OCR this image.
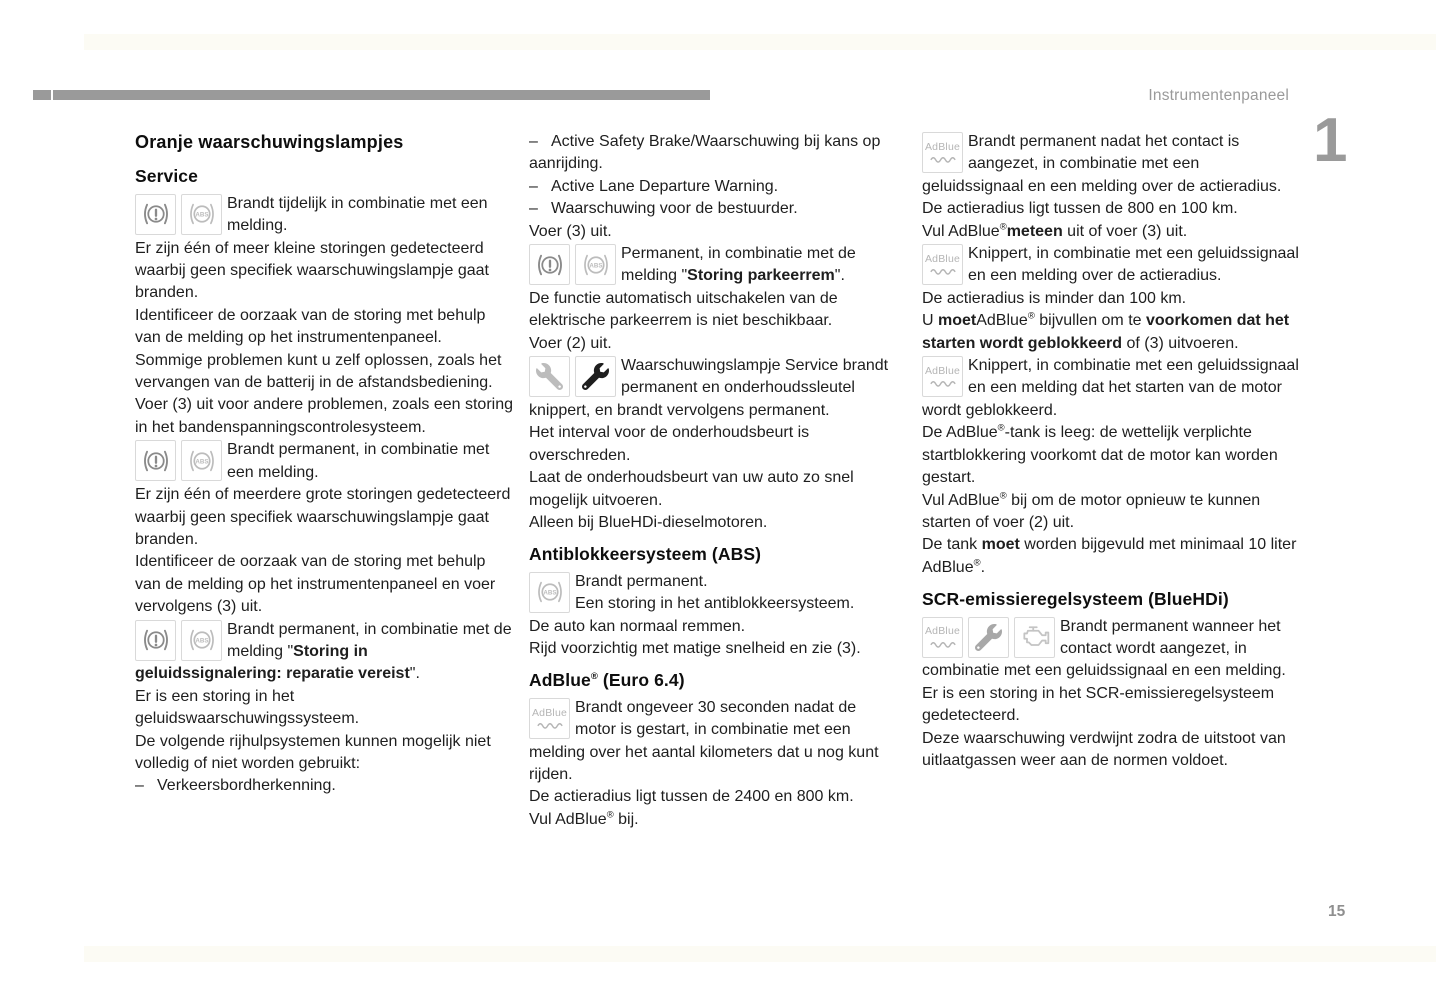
Instrumentenpaneel
1
Oranje waarschuwingslampjes
Service
ABS
Brandt tijdelijk in combinatie met een melding.
Er zijn één of meer kleine storingen gedetecteerd waarbij geen specifiek waarschuwingslampje gaat branden.
Identificeer de oorzaak van de storing met behulp van de melding op het instrumentenpaneel.
Sommige problemen kunt u zelf oplossen, zoals het vervangen van de batterij in de afstandsbediening.
Voer (3) uit voor andere problemen, zoals een storing in het bandenspanningscontrolesysteem.
ABS
Brandt permanent, in combinatie met een melding.
Er zijn één of meerdere grote storingen gedetecteerd waarbij geen specifiek waarschuwingslampje gaat branden.
Identificeer de oorzaak van de storing met behulp van de melding op het instrumentenpaneel en voer vervolgens (3) uit.
ABS
Brandt permanent, in combinatie met de melding "Storing in geluidssignalering: reparatie vereist".
Er is een storing in het geluidswaarschuwingssysteem.
De volgende rijhulpsystemen kunnen mogelijk niet volledig of niet worden gebruikt:
– Verkeersbordherkenning.
– Active Safety Brake/Waarschuwing bij kans op aanrijding.
– Active Lane Departure Warning.
– Waarschuwing voor de bestuurder.
Voer (3) uit.
ABS
Permanent, in combinatie met de melding "Storing parkeerrem".
De functie automatisch uitschakelen van de elektrische parkeerrem is niet beschikbaar.
Voer (2) uit.
Waarschuwingslampje Service brandt permanent en onderhoudssleutel knippert, en brandt vervolgens permanent.
Het interval voor de onderhoudsbeurt is overschreden.
Laat de onderhoudsbeurt van uw auto zo snel mogelijk uitvoeren.
Alleen bij BlueHDi-dieselmotoren.
Antiblokkeersysteem (ABS)
ABS
Brandt permanent.
Een storing in het antiblokkeersysteem.
De auto kan normaal remmen.
Rijd voorzichtig met matige snelheid en zie (3).
AdBlue® (Euro 6.4)
AdBlue Brandt ongeveer 30 seconden nadat de motor is gestart, in combinatie met een melding over het aantal kilometers dat u nog kunt rijden.
De actieradius ligt tussen de 2400 en 800 km.
Vul AdBlue® bij.
AdBlue Brandt permanent nadat het contact is aangezet, in combinatie met een geluidssignaal en een melding over de actieradius.
De actieradius ligt tussen de 800 en 100 km.
Vul AdBlue®meteen uit of voer (3) uit.
AdBlue Knippert, in combinatie met een geluidssignaal en een melding over de actieradius.
De actieradius is minder dan 100 km.
U moetAdBlue® bijvullen om te voorkomen dat het starten wordt geblokkeerd of (3) uitvoeren.
AdBlue Knippert, in combinatie met een geluidssignaal en een melding dat het starten van de motor wordt geblokkeerd.
De AdBlue®-tank is leeg: de wettelijk verplichte startblokkering voorkomt dat de motor kan worden gestart.
Vul AdBlue® bij om de motor opnieuw te kunnen starten of voer (2) uit.
De tank moet worden bijgevuld met minimaal 10 liter AdBlue®.
SCR-emissieregelsysteem (BlueHDi)
AdBlue	Brandt permanent wanneer het contact wordt aangezet, in combinatie met een geluidssignaal en een melding.
Er is een storing in het SCR-emissieregelsysteem gedetecteerd.
Deze waarschuwing verdwijnt zodra de uitstoot van uitlaatgassen weer aan de normen voldoet.
15
